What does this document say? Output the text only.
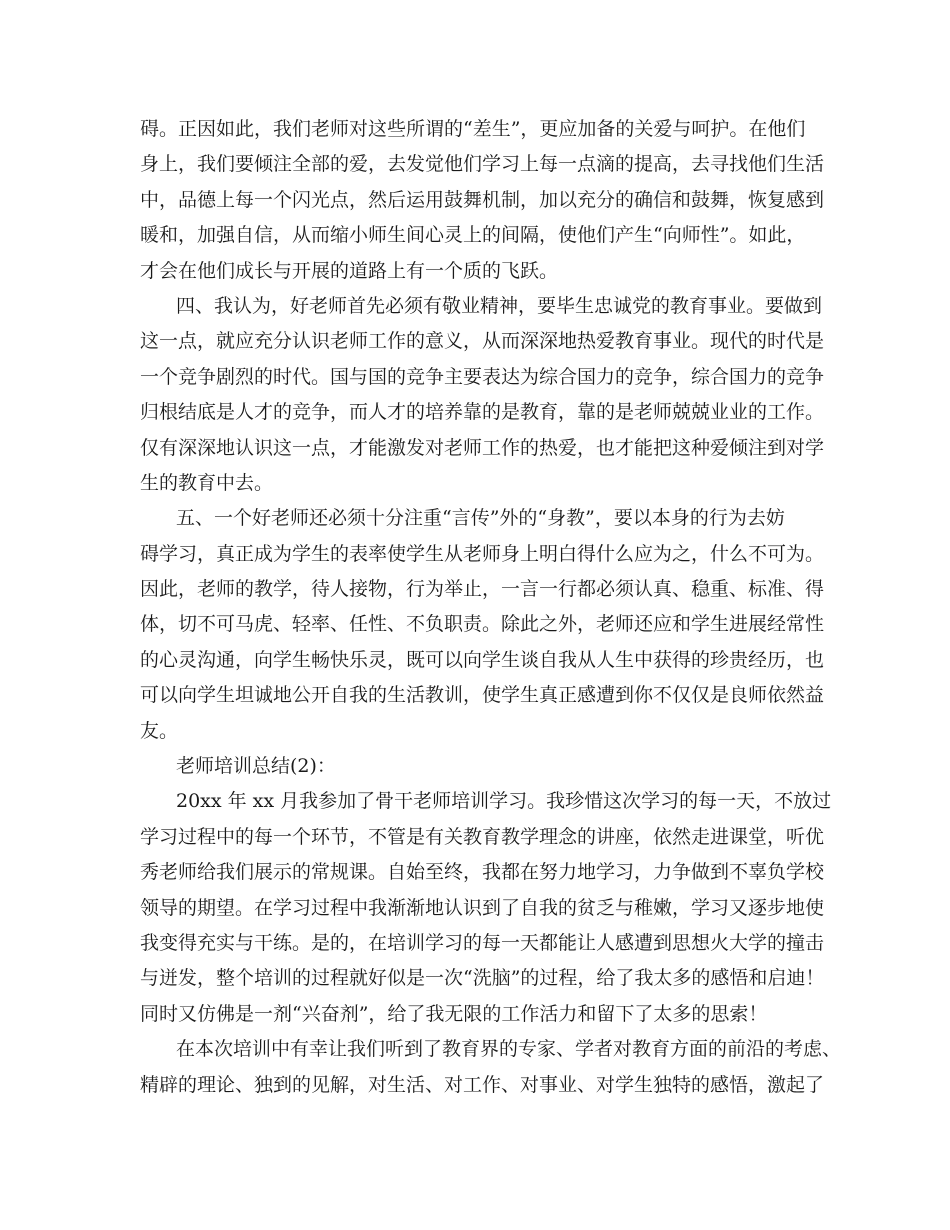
碍。正因如此，我们老师对这些所谓的“差生”，更应加备的关爱与呵护。在他们
身上，我们要倾注全部的爱，去发觉他们学习上每一点滴的提高，去寻找他们生活
中，品德上每一个闪光点，然后运用鼓舞机制，加以充分的确信和鼓舞，恢复感到
暖和，加强自信，从而缩小师生间心灵上的间隔，使他们产生“向师性”。如此，
才会在他们成长与开展的道路上有一个质的飞跃。
四、我认为，好老师首先必须有敬业精神，要毕生忠诚党的教育事业。要做到
这一点，就应充分认识老师工作的意义，从而深深地热爱教育事业。现代的时代是
一个竞争剧烈的时代。国与国的竞争主要表达为综合国力的竞争，综合国力的竞争
归根结底是人才的竞争，而人才的培养靠的是教育，靠的是老师兢兢业业的工作。
仅有深深地认识这一点，才能激发对老师工作的热爱，也才能把这种爱倾注到对学
生的教育中去。
五、一个好老师还必须十分注重“言传”外的“身教”，要以本身的行为去妨
碍学习，真正成为学生的表率使学生从老师身上明白得什么应为之，什么不可为。
因此，老师的教学，待人接物，行为举止，一言一行都必须认真、稳重、标准、得
体，切不可马虎、轻率、任性、不负职责。除此之外，老师还应和学生进展经常性
的心灵沟通，向学生畅快乐灵，既可以向学生谈自我从人生中获得的珍贵经历，也
可以向学生坦诚地公开自我的生活教训，使学生真正感遭到你不仅仅是良师依然益
友。
老师培训总结(2)：
20xx 年 xx 月我参加了骨干老师培训学习。我珍惜这次学习的每一天，不放过
学习过程中的每一个环节，不管是有关教育教学理念的讲座，依然走进课堂，听优
秀老师给我们展示的常规课。自始至终，我都在努力地学习，力争做到不辜负学校
领导的期望。在学习过程中我渐渐地认识到了自我的贫乏与稚嫩，学习又逐步地使
我变得充实与干练。是的，在培训学习的每一天都能让人感遭到思想火大学的撞击
与迸发，整个培训的过程就好似是一次“洗脑”的过程，给了我太多的感悟和启迪！
同时又仿佛是一剂“兴奋剂”，给了我无限的工作活力和留下了太多的思索！
在本次培训中有幸让我们听到了教育界的专家、学者对教育方面的前沿的考虑、
精辟的理论、独到的见解，对生活、对工作、对事业、对学生独特的感悟，激起了
